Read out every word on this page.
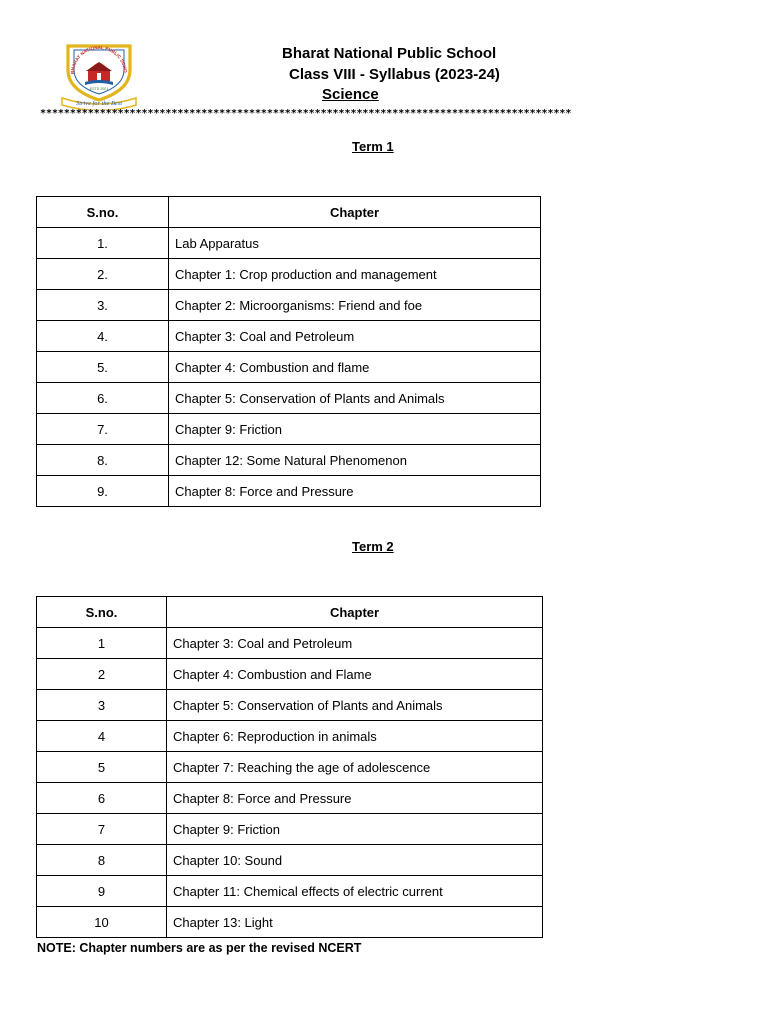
BHARAT NATIONAL PUBLIC SCHO
ESTD 2001
Strive for the Best
Bharat National Public School
Class VIII - Syllabus (2023-24)
Science
*****************************************************************************************
Term 1
S.no.	Chapter
1.	Lab Apparatus
2.	Chapter 1: Crop production and management
3.	Chapter 2: Microorganisms: Friend and foe
4.	Chapter 3: Coal and Petroleum
5.	Chapter 4: Combustion and flame
6.	Chapter 5: Conservation of Plants and Animals
7.	Chapter 9: Friction
8.	Chapter 12: Some Natural Phenomenon
9.	Chapter 8: Force and Pressure
Term 2
S.no.	Chapter
1	Chapter 3: Coal and Petroleum
2	Chapter 4: Combustion and Flame
3	Chapter 5: Conservation of Plants and Animals
4	Chapter 6: Reproduction in animals
5	Chapter 7: Reaching the age of adolescence
6	Chapter 8: Force and Pressure
7	Chapter 9: Friction
8	Chapter 10: Sound
9	Chapter 11: Chemical effects of electric current
10	Chapter 13: Light
NOTE: Chapter numbers are as per the revised NCERT
